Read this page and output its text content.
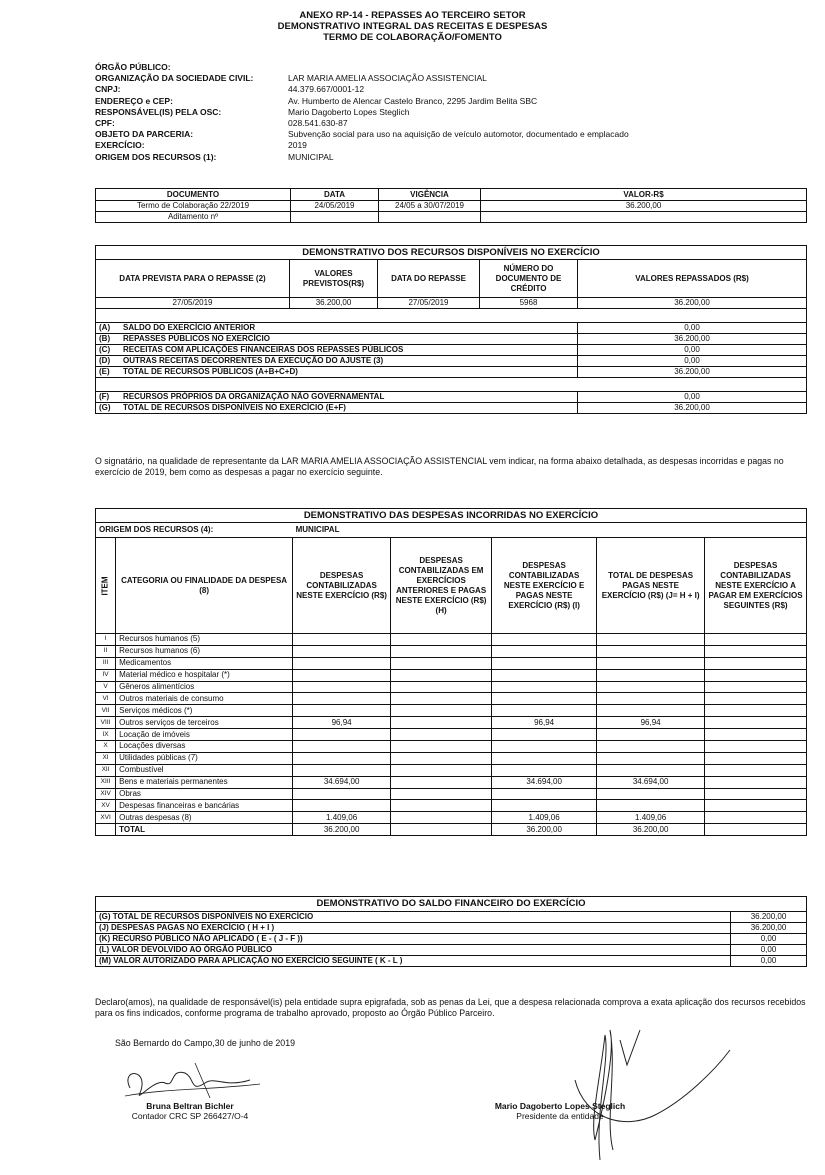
ANEXO RP-14 - REPASSES AO TERCEIRO SETOR
DEMONSTRATIVO INTEGRAL DAS RECEITAS E DESPESAS
TERMO DE COLABORAÇÃO/FOMENTO
ÓRGÃO PÚBLICO:
ORGANIZAÇÃO DA SOCIEDADE CIVIL:	LAR MARIA AMELIA ASSOCIAÇÃO ASSISTENCIAL
CNPJ:	44.379.667/0001-12
ENDEREÇO e CEP:	Av. Humberto de Alencar Castelo Branco, 2295 Jardim Belita SBC
RESPONSÁVEL(IS) PELA OSC:	Mario Dagoberto Lopes Steglich
CPF:	028.541.630-87
OBJETO DA PARCERIA:	Subvenção social para uso na aquisição de veículo automotor, documentado e emplacado
EXERCÍCIO:	2019
ORIGEM DOS RECURSOS (1):	MUNICIPAL
DOCUMENTO	DATA	VIGÊNCIA	VALOR-R$
Termo de Colaboração 22/2019	24/05/2019	24/05 a 30/07/2019	36.200,00
Aditamento nº			
DEMONSTRATIVO DOS RECURSOS DISPONÍVEIS NO EXERCÍCIO				
DATA PREVISTA PARA O REPASSE (2)	VALORES PREVISTOS(R$)	DATA DO REPASSE	NÚMERO DO DOCUMENTO DE CRÉDITO	VALORES REPASSADOS (R$)
27/05/2019	36.200,00	27/05/2019	5968	36.200,00

(A) SALDO DO EXERCÍCIO ANTERIOR				0,00
(B) REPASSES PÚBLICOS NO EXERCÍCIO				36.200,00
(C) RECEITAS COM APLICAÇÕES FINANCEIRAS DOS REPASSES PÚBLICOS				0,00
(D) OUTRAS RECEITAS DECORRENTES DA EXECUÇÃO DO AJUSTE (3)				0,00
(E) TOTAL DE RECURSOS PÚBLICOS (A+B+C+D)				36.200,00

(F) RECURSOS PRÓPRIOS DA ORGANIZAÇÃO NÃO GOVERNAMENTAL				0,00
(G) TOTAL DE RECURSOS DISPONÍVEIS NO EXERCÍCIO (E+F)				36.200,00
O signatário, na qualidade de representante da LAR MARIA AMELIA ASSOCIAÇÃO ASSISTENCIAL vem indicar, na forma abaixo detalhada, as despesas incorridas e pagas no exercício de 2019, bem como as despesas a pagar no exercício seguinte.
DEMONSTRATIVO DAS DESPESAS INCORRIDAS NO EXERCÍCIO						
ORIGEM DOS RECURSOS (4):		MUNICIPAL				

ITEM	CATEGORIA OU FINALIDADE DA DESPESA (8)	DESPESAS CONTABILIZADAS NESTE EXERCÍCIO (R$)	DESPESAS CONTABILIZADAS EM EXERCÍCIOS ANTERIORES E PAGAS NESTE EXERCÍCIO (R$) (H)	DESPESAS CONTABILIZADAS NESTE EXERCÍCIO E PAGAS NESTE EXERCÍCIO (R$) (I)	TOTAL DE DESPESAS PAGAS NESTE EXERCÍCIO (R$) (J= H + I)	DESPESAS CONTABILIZADAS NESTE EXERCÍCIO A PAGAR EM EXERCÍCIOS SEGUINTES (R$)
I	Recursos humanos (5)					
II	Recursos humanos (6)					
III	Medicamentos					
IV	Material médico e hospitalar (*)					
V	Gêneros alimentícios					
VI	Outros materiais de consumo					
VII	Serviços médicos (*)					
VIII	Outros serviços de terceiros	96,94		96,94	96,94	
IX	Locação de imóveis					
X	Locações diversas					
XI	Utilidades públicas (7)					
XII	Combustível					
XIII	Bens e materiais permanentes	34.694,00		34.694,00	34.694,00	
XIV	Obras					
XV	Despesas financeiras e bancárias					
XVI	Outras despesas (8)	1.409,06		1.409,06	1.409,06	
	TOTAL	36.200,00		36.200,00	36.200,00	
DEMONSTRATIVO DO SALDO FINANCEIRO DO EXERCÍCIO	
(G) TOTAL DE RECURSOS DISPONÍVEIS NO EXERCÍCIO	36.200,00
(J) DESPESAS PAGAS NO EXERCÍCIO ( H + I )	36.200,00
(K) RECURSO PÚBLICO NÃO APLICADO ( E - ( J - F ))	0,00
(L) VALOR DEVOLVIDO AO ÓRGÃO PÚBLICO	0,00
(M) VALOR AUTORIZADO PARA APLICAÇÃO NO EXERCÍCIO SEGUINTE ( K - L )	0,00
Declaro(amos), na qualidade de responsável(is) pela entidade supra epigrafada, sob as penas da Lei, que a despesa relacionada comprova a exata aplicação dos recursos recebidos para os fins indicados, conforme programa de trabalho aprovado, proposto ao Órgão Público Parceiro.
São Bernardo do Campo,30 de junho de 2019
Bruna Beltran Bichler
Contador CRC SP 266427/O-4
Mario Dagoberto Lopes Steglich
Presidente da entidade
